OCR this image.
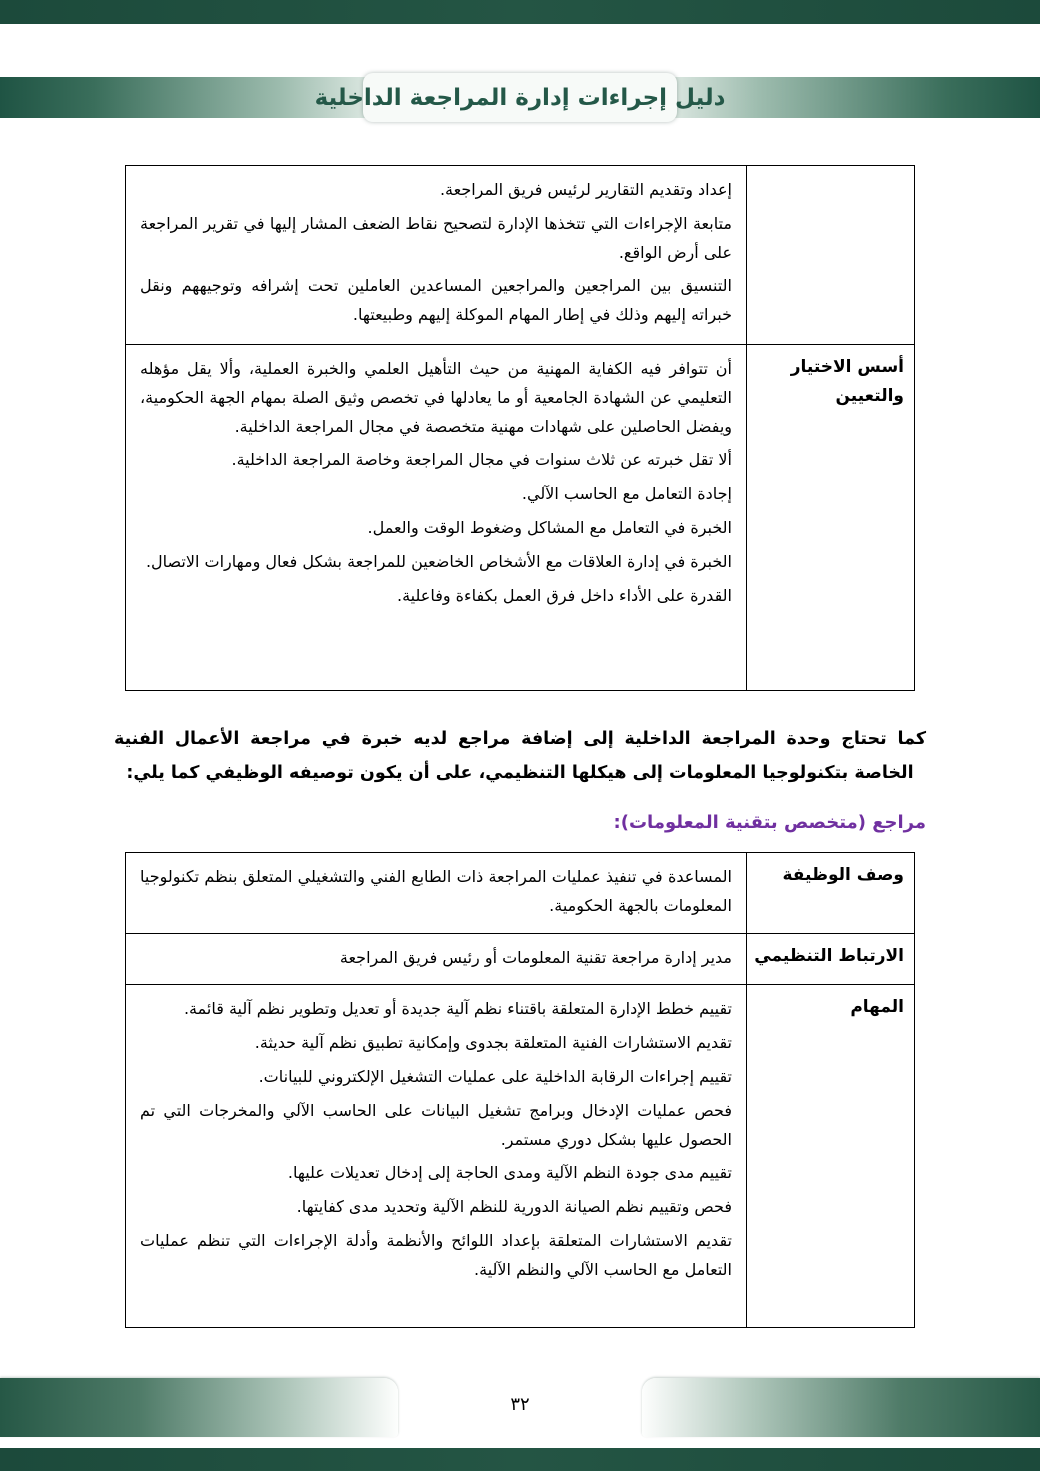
دليل إجراءات إدارة المراجعة الداخلية

إعداد وتقديم التقارير لرئيس فريق المراجعة.

متابعة الإجراءات التي تتخذها الإدارة لتصحيح نقاط الضعف المشار إليها في تقرير المراجعة على أرض الواقع.

التنسيق بين المراجعين والمراجعين المساعدين العاملين تحت إشرافه وتوجيههم ونقل خبراته إليهم وذلك في إطار المهام الموكلة إليهم وطبيعتها.

أسس الاختيار والتعيين

أن تتوافر فيه الكفاية المهنية من حيث التأهيل العلمي والخبرة العملية، وألا يقل مؤهله التعليمي عن الشهادة الجامعية أو ما يعادلها في تخصص وثيق الصلة بمهام الجهة الحكومية، ويفضل الحاصلين على شهادات مهنية متخصصة في مجال المراجعة الداخلية.

ألا تقل خبرته عن ثلاث سنوات في مجال المراجعة وخاصة المراجعة الداخلية.

إجادة التعامل مع الحاسب الآلي.

الخبرة في التعامل مع المشاكل وضغوط الوقت والعمل.

الخبرة في إدارة العلاقات مع الأشخاص الخاضعين للمراجعة بشكل فعال ومهارات الاتصال.

القدرة على الأداء داخل فرق العمل بكفاءة وفاعلية.

كما تحتاج وحدة المراجعة الداخلية إلى إضافة مراجع لديه خبرة في مراجعة الأعمال الفنية الخاصة بتكنولوجيا المعلومات إلى هيكلها التنظيمي، على أن يكون توصيفه الوظيفي كما يلي:

مراجع (متخصص بتقنية المعلومات):
وصف الوظيفة

المساعدة في تنفيذ عمليات المراجعة ذات الطابع الفني والتشغيلي المتعلق بنظم تكنولوجيا المعلومات بالجهة الحكومية.

الارتباط التنظيمي

مدير إدارة مراجعة تقنية المعلومات أو رئيس فريق المراجعة

المهام

تقييم خطط الإدارة المتعلقة باقتناء نظم آلية جديدة أو تعديل وتطوير نظم آلية قائمة.

تقديم الاستشارات الفنية المتعلقة بجدوى وإمكانية تطبيق نظم آلية حديثة.

تقييم إجراءات الرقابة الداخلية على عمليات التشغيل الإلكتروني للبيانات.

فحص عمليات الإدخال وبرامج تشغيل البيانات على الحاسب الآلي والمخرجات التي تم الحصول عليها بشكل دوري مستمر.

تقييم مدى جودة النظم الآلية ومدى الحاجة إلى إدخال تعديلات عليها.

فحص وتقييم نظم الصيانة الدورية للنظم الآلية وتحديد مدى كفايتها.

تقديم الاستشارات المتعلقة بإعداد اللوائح والأنظمة وأدلة الإجراءات التي تنظم عمليات التعامل مع الحاسب الآلي والنظم الآلية.

٣٢
